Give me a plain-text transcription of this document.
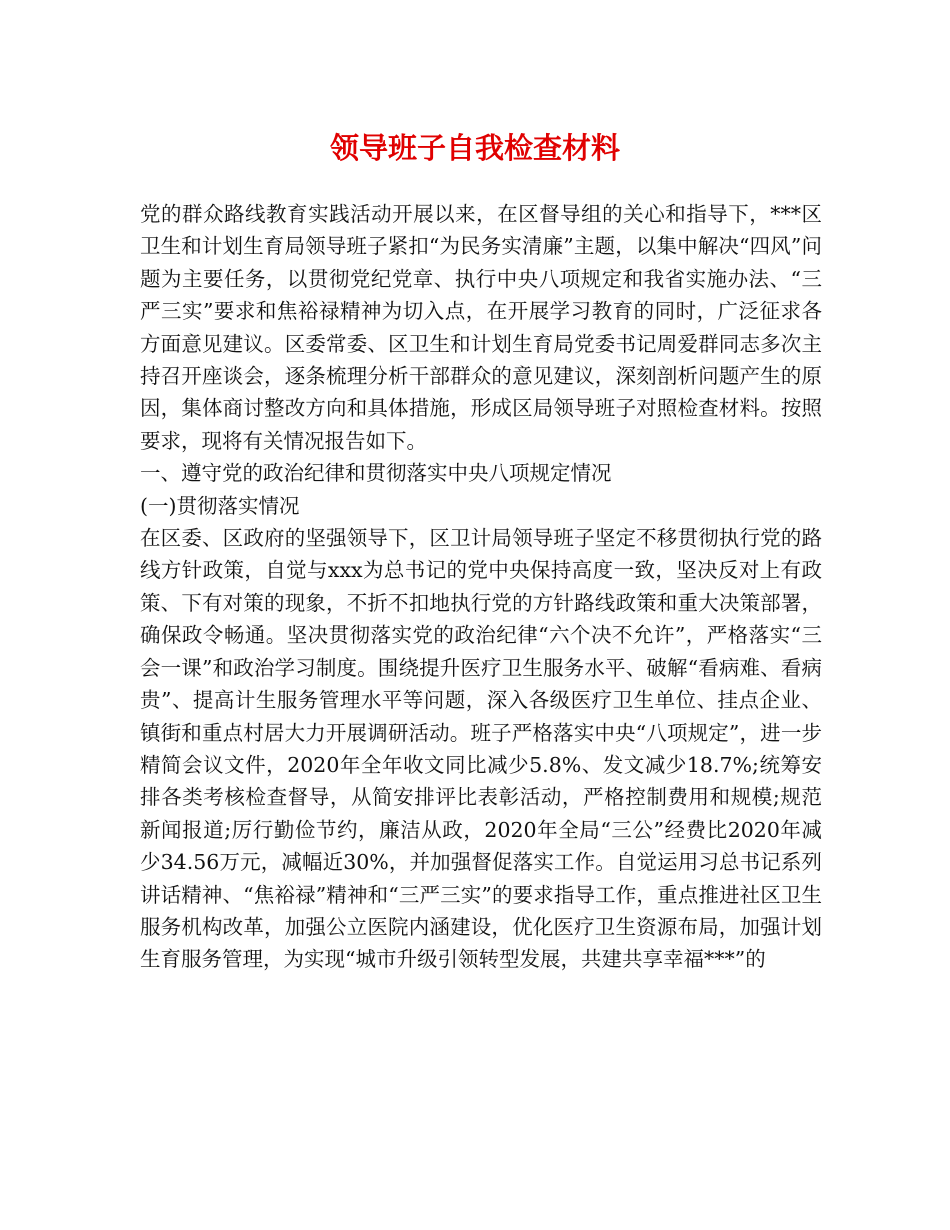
领导班子自我检查材料

党的群众路线教育实践活动开展以来，在区督导组的关心和指导下，***区卫生和计划生育局领导班子紧扣“为民务实清廉”主题，以集中解决“四风”问题为主要任务，以贯彻党纪党章、执行中央八项规定和我省实施办法、“三严三实”要求和焦裕禄精神为切入点，在开展学习教育的同时，广泛征求各方面意见建议。区委常委、区卫生和计划生育局党委书记周爱群同志多次主持召开座谈会，逐条梳理分析干部群众的意见建议，深刻剖析问题产生的原因，集体商讨整改方向和具体措施，形成区局领导班子对照检查材料。按照要求，现将有关情况报告如下。

一、遵守党的政治纪律和贯彻落实中央八项规定情况

(一)贯彻落实情况

在区委、区政府的坚强领导下，区卫计局领导班子坚定不移贯彻执行党的路线方针政策，自觉与xxx为总书记的党中央保持高度一致，坚决反对上有政策、下有对策的现象，不折不扣地执行党的方针路线政策和重大决策部署，确保政令畅通。坚决贯彻落实党的政治纪律“六个决不允许”，严格落实“三会一课”和政治学习制度。围绕提升医疗卫生服务水平、破解“看病难、看病贵”、提高计生服务管理水平等问题，深入各级医疗卫生单位、挂点企业、镇街和重点村居大力开展调研活动。班子严格落实中央“八项规定”，进一步精简会议文件，2020年全年收文同比减少5.8%、发文减少18.7%;统筹安排各类考核检查督导，从简安排评比表彰活动，严格控制费用和规模;规范新闻报道;厉行勤俭节约，廉洁从政，2020年全局“三公”经费比2020年减少34.56万元，减幅近30%，并加强督促落实工作。自觉运用习总书记系列讲话精神、“焦裕禄”精神和“三严三实”的要求指导工作，重点推进社区卫生服务机构改革，加强公立医院内涵建设，优化医疗卫生资源布局，加强计划生育服务管理，为实现“城市升级引领转型发展，共建共享幸福***”的
